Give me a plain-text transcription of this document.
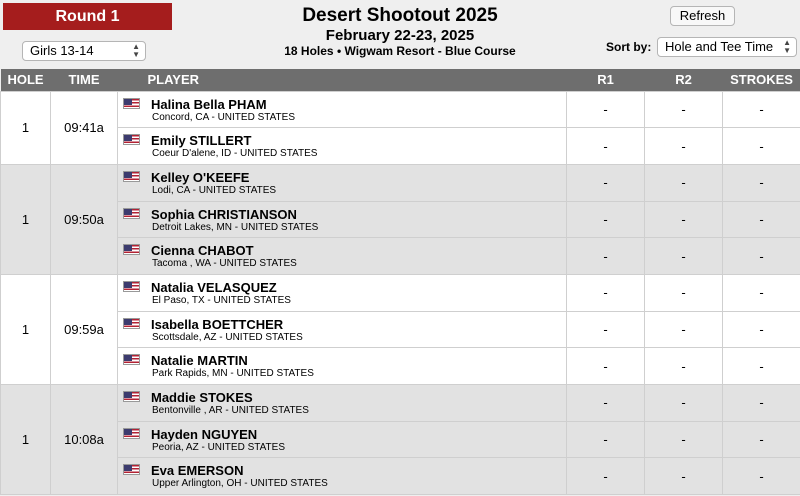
Round 1
Girls 13-14	▲
▼
Desert Shootout 2025
February 22-23, 2025
18 Holes • Wigwam Resort - Blue Course
Refresh
Sort by:	Hole and Tee Time ▲
▼
HOLE	TIME	PLAYER	R1	R2	STROKES
1	09:41a	Halina Bella PHAM
Concord, CA - UNITED STATES	-	-	-

		Emily STILLERT
Coeur D'alene, ID - UNITED STATES	-	-	-
1	09:50a	Kelley O'KEEFE
Lodi, CA - UNITED STATES	-	-	-

		Sophia CHRISTIANSON
Detroit Lakes, MN - UNITED STATES	-	-	-

		Cienna CHABOT
Tacoma , WA - UNITED STATES	-	-	-
1	09:59a	Natalia VELASQUEZ
El Paso, TX - UNITED STATES	-	-	-

		Isabella BOETTCHER
Scottsdale, AZ - UNITED STATES	-	-	-

		Natalie MARTIN
Park Rapids, MN - UNITED STATES	-	-	-
1	10:08a	Maddie STOKES
Bentonville , AR - UNITED STATES	-	-	-

		Hayden NGUYEN
Peoria, AZ - UNITED STATES	-	-	-

		Eva EMERSON
Upper Arlington, OH - UNITED STATES	-	-	-
